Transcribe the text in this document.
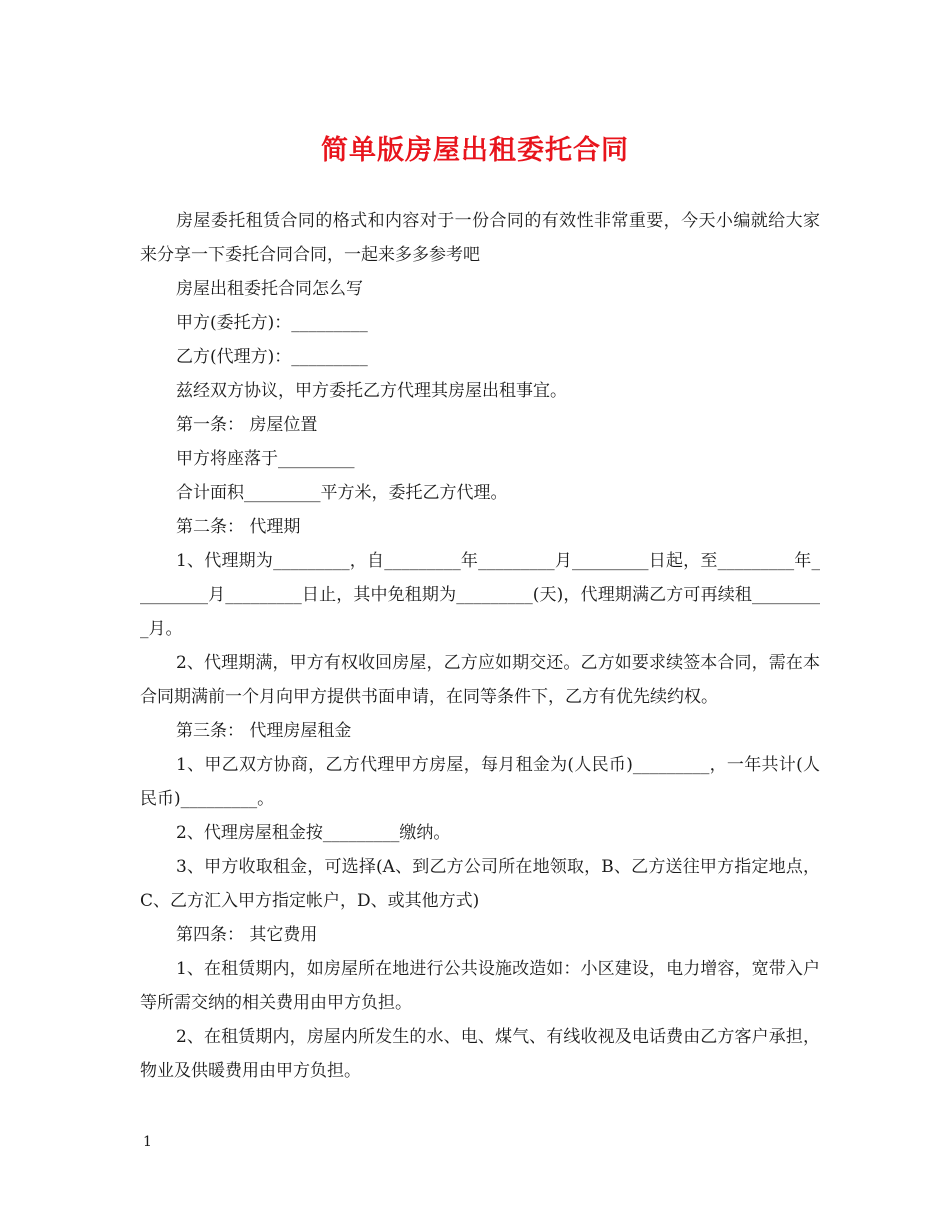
简单版房屋出租委托合同

房屋委托租赁合同的格式和内容对于一份合同的有效性非常重要，今天小编就给大家来分享一下委托合同合同，一起来多多参考吧

房屋出租委托合同怎么写

甲方(委托方)：_________

乙方(代理方)：_________

兹经双方协议，甲方委托乙方代理其房屋出租事宜。

第一条： 房屋位置

甲方将座落于_________

合计面积_________平方米，委托乙方代理。

第二条： 代理期

1、代理期为_________，自_________年_________月_________日起，至_________年_________月_________日止，其中免租期为_________(天)，代理期满乙方可再续租_________月。

2、代理期满，甲方有权收回房屋，乙方应如期交还。乙方如要求续签本合同，需在本合同期满前一个月向甲方提供书面申请，在同等条件下，乙方有优先续约权。

第三条： 代理房屋租金

1、甲乙双方协商，乙方代理甲方房屋，每月租金为(人民币)_________，一年共计(人民币)_________。

2、代理房屋租金按_________缴纳。

3、甲方收取租金，可选择(A、到乙方公司所在地领取，B、乙方送往甲方指定地点，C、乙方汇入甲方指定帐户，D、或其他方式)

第四条： 其它费用

1、在租赁期内，如房屋所在地进行公共设施改造如：小区建设，电力增容，宽带入户等所需交纳的相关费用由甲方负担。

2、在租赁期内，房屋内所发生的水、电、煤气、有线收视及电话费由乙方客户承担，物业及供暖费用由甲方负担。

1
